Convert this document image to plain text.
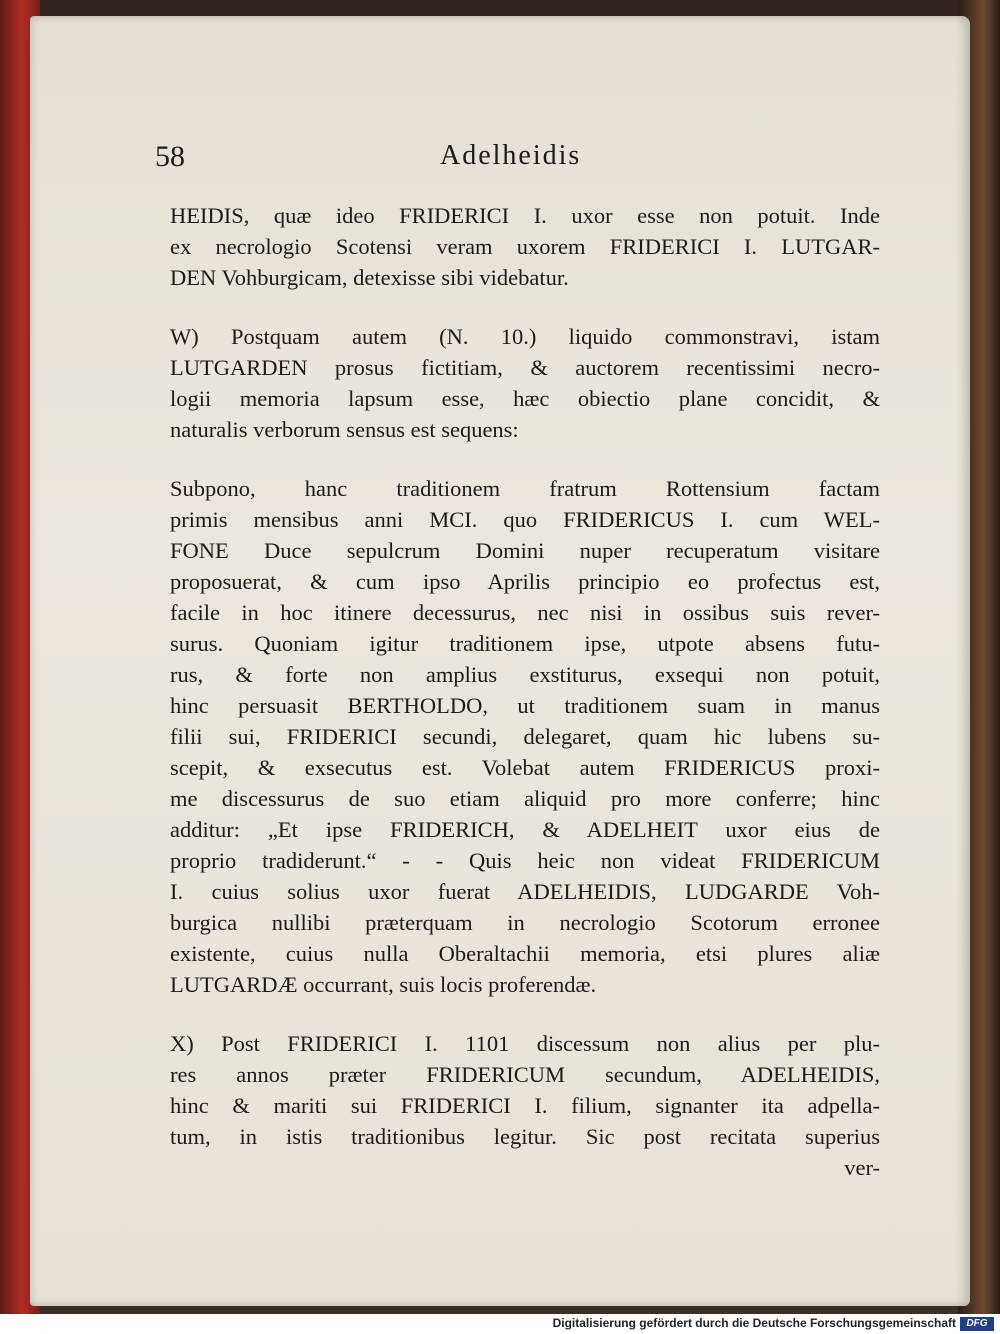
58	Adelheidis
HEIDIS, quæ ideo FRIDERICI I. uxor esse non potuit. Inde
ex necrologio Scotensi veram uxorem FRIDERICI I. LUTGAR-
DEN Vohburgicam, detexisse sibi videbatur.
W) Postquam autem (N. 10.) liquido commonstravi, istam
LUTGARDEN prosus fictitiam, & auctorem recentissimi necro-
logii memoria lapsum esse, hæc obiectio plane concidit, &
naturalis verborum sensus est sequens:
Subpono, hanc traditionem fratrum Rottensium factam
primis mensibus anni MCI. quo FRIDERICUS I. cum WEL-
FONE Duce sepulcrum Domini nuper recuperatum visitare
proposuerat, & cum ipso Aprilis principio eo profectus est,
facile in hoc itinere decessurus, nec nisi in ossibus suis rever-
surus. Quoniam igitur traditionem ipse, utpote absens futu-
rus, & forte non amplius exstiturus, exsequi non potuit,
hinc persuasit BERTHOLDO, ut traditionem suam in manus
filii sui, FRIDERICI secundi, delegaret, quam hic lubens su-
scepit, & exsecutus est. Volebat autem FRIDERICUS proxi-
me discessurus de suo etiam aliquid pro more conferre; hinc
additur: „Et ipse FRIDERICH, & ADELHEIT uxor eius de
proprio tradiderunt.“ - - Quis heic non videat FRIDERICUM
I. cuius solius uxor fuerat ADELHEIDIS, LUDGARDE Voh-
burgica nullibi præterquam in necrologio Scotorum erronee
existente, cuius nulla Oberaltachii memoria, etsi plures aliæ
LUTGARDÆ occurrant, suis locis proferendæ.
X) Post FRIDERICI I. 1101 discessum non alius per plu-
res annos præter FRIDERICUM secundum, ADELHEIDIS,
hinc & mariti sui FRIDERICI I. filium, signanter ita adpella-
tum, in istis traditionibus legitur. Sic post recitata superius
ver-
Digitalisierung gefördert durch die Deutsche Forschungsgemeinschaft	DFG
